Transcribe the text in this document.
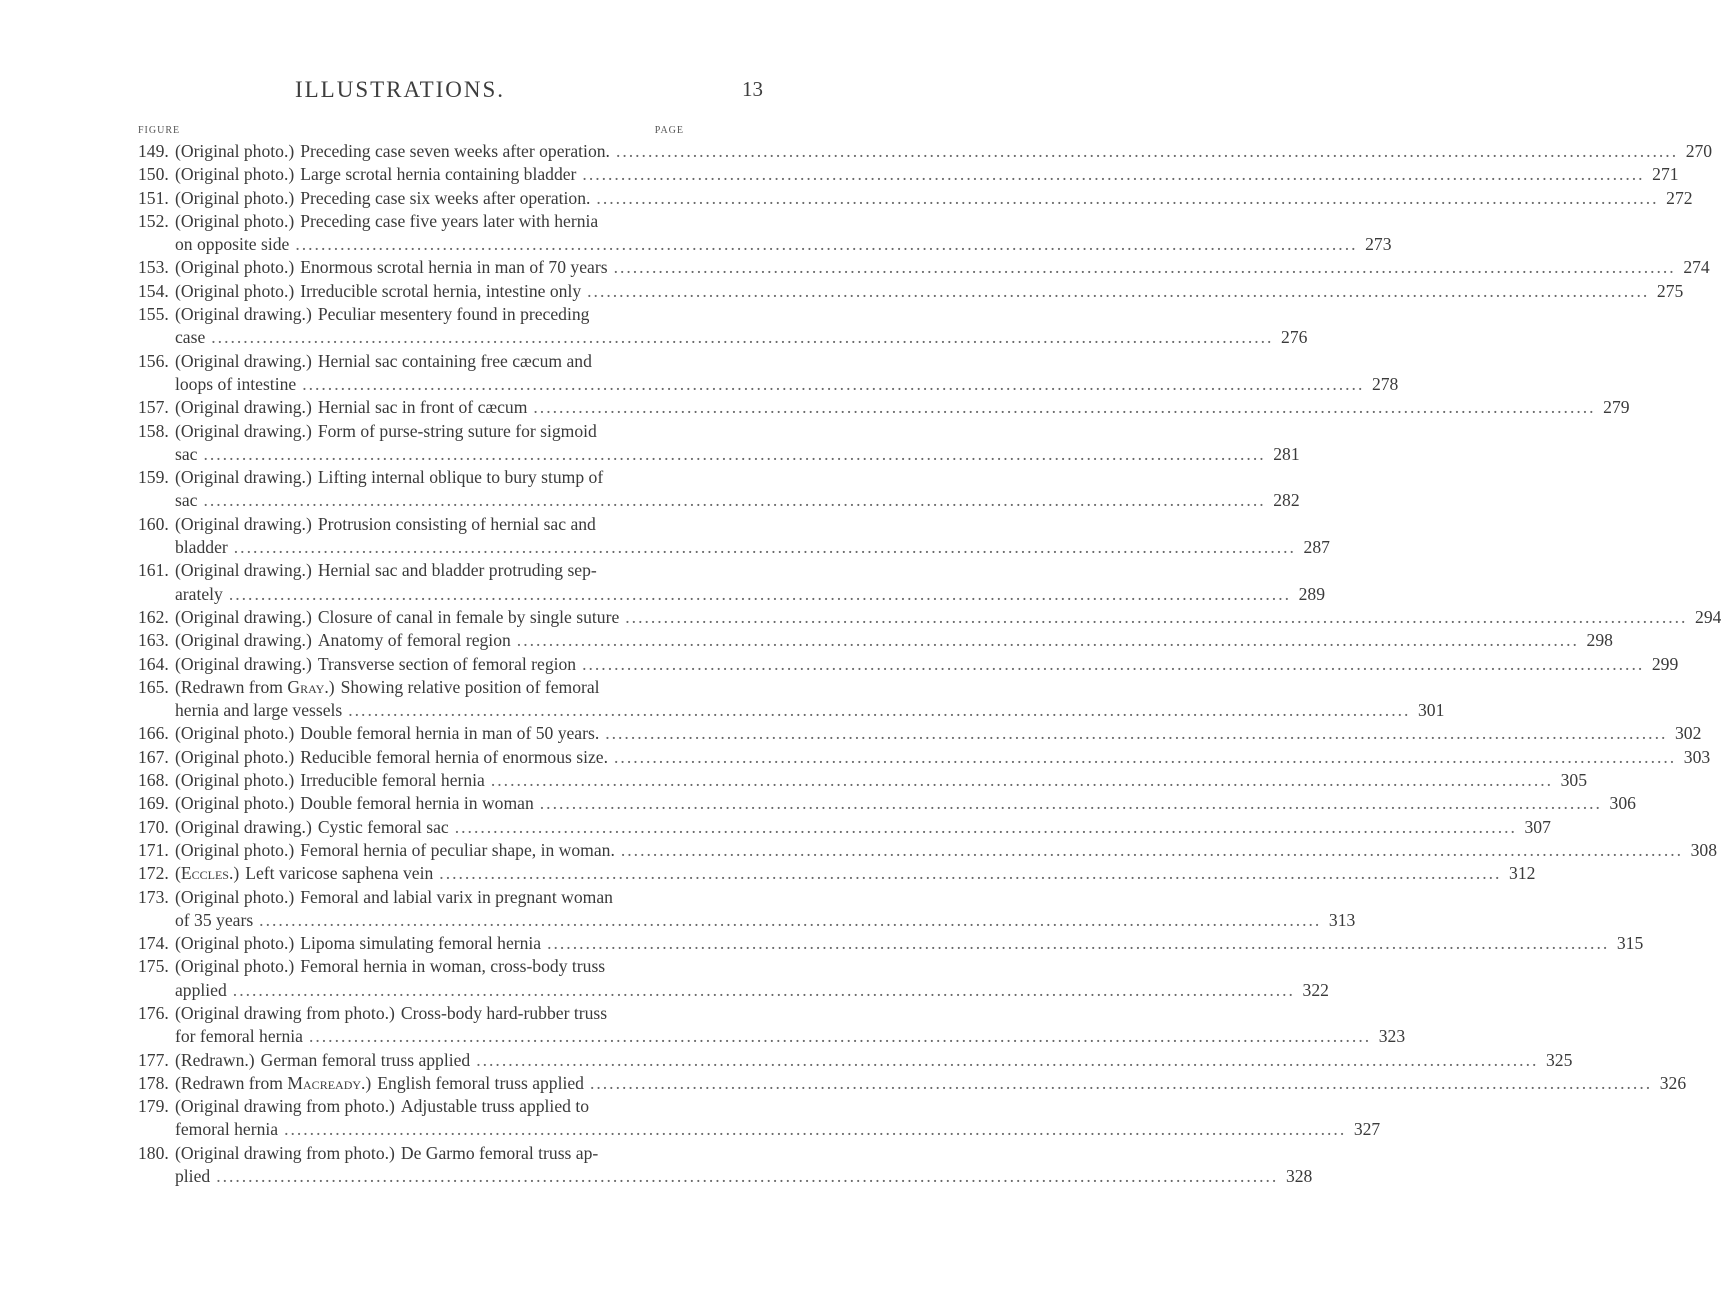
ILLUSTRATIONS.	13
FIGURE	PAGE
149. (Original photo.) Preceding case seven weeks after operation. .....	270
150. (Original photo.) Large scrotal hernia containing bladder .....	271
151. (Original photo.) Preceding case six weeks after operation. .....	272
152. (Original photo.) Preceding case five years later with hernia
on opposite side .....	273
153. (Original photo.) Enormous scrotal hernia in man of 70 years .....	274
154. (Original photo.) Irreducible scrotal hernia, intestine only .....	275
155. (Original drawing.) Peculiar mesentery found in preceding
case .....	276
156. (Original drawing.) Hernial sac containing free cæcum and
loops of intestine .....	278
157. (Original drawing.) Hernial sac in front of cæcum .....	279
158. (Original drawing.) Form of purse-string suture for sigmoid
sac .....	281
159. (Original drawing.) Lifting internal oblique to bury stump of
sac .....	282
160. (Original drawing.) Protrusion consisting of hernial sac and
bladder .....	287
161. (Original drawing.) Hernial sac and bladder protruding sep-
arately .....	289
162. (Original drawing.) Closure of canal in female by single suture .....	294
163. (Original drawing.) Anatomy of femoral region .....	298
164. (Original drawing.) Transverse section of femoral region .....	299
165. (Redrawn from Gray.) Showing relative position of femoral
hernia and large vessels .....	301
166. (Original photo.) Double femoral hernia in man of 50 years. .....	302
167. (Original photo.) Reducible femoral hernia of enormous size. .....	303
168. (Original photo.) Irreducible femoral hernia .....	305
169. (Original photo.) Double femoral hernia in woman .....	306
170. (Original drawing.) Cystic femoral sac .....	307
171. (Original photo.) Femoral hernia of peculiar shape, in woman. .....	308
172. (Eccles.) Left varicose saphena vein .....	312
173. (Original photo.) Femoral and labial varix in pregnant woman
of 35 years .....	313
174. (Original photo.) Lipoma simulating femoral hernia .....	315
175. (Original photo.) Femoral hernia in woman, cross-body truss
applied .....	322
176. (Original drawing from photo.) Cross-body hard-rubber truss
for femoral hernia .....	323
177. (Redrawn.) German femoral truss applied .....	325
178. (Redrawn from Macready.) English femoral truss applied .....	326
179. (Original drawing from photo.) Adjustable truss applied to
femoral hernia .....	327
180. (Original drawing from photo.) De Garmo femoral truss ap-
plied .....	328
